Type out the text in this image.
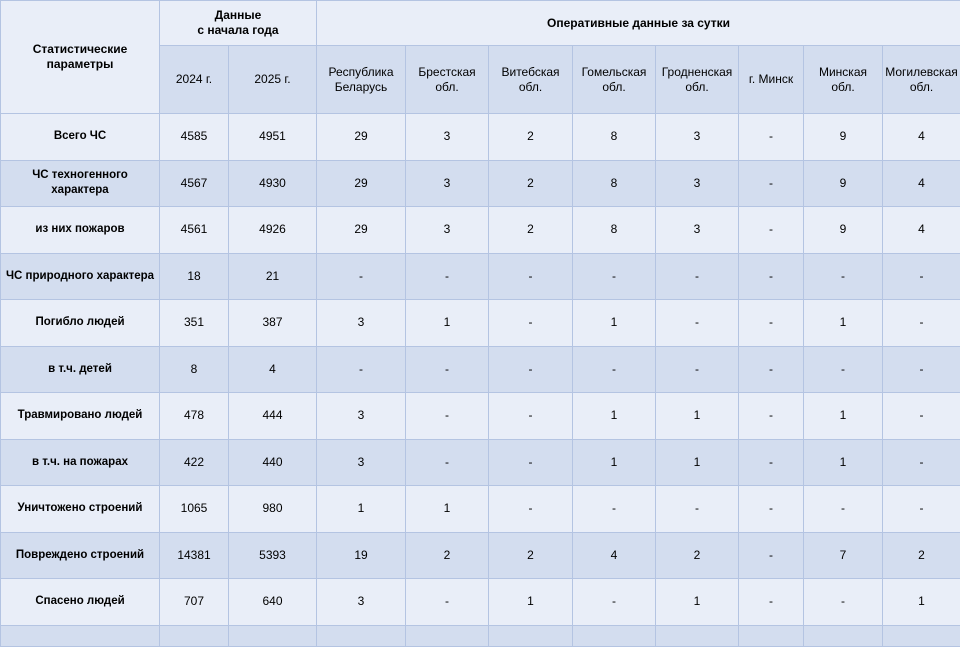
Статистические параметры	Данные
с начала года		Оперативные данные за сутки							
	2024 г.	2025 г.	Республика Беларусь	Брестская обл.	Витебская обл.	Гомельская обл.	Гродненская обл.	г. Минск	Минская обл.	Могилевская обл.
Всего ЧС	4585	4951	29	3	2	8	3	-	9	4
ЧС техногенного характера	4567	4930	29	3	2	8	3	-	9	4
из них пожаров	4561	4926	29	3	2	8	3	-	9	4
ЧС природного характера	18	21	-	-	-	-	-	-	-	-
Погибло людей	351	387	3	1	-	1	-	-	1	-
в т.ч. детей	8	4	-	-	-	-	-	-	-	-
Травмировано людей	478	444	3	-	-	1	1	-	1	-
в т.ч. на пожарах	422	440	3	-	-	1	1	-	1	-
Уничтожено строений	1065	980	1	1	-	-	-	-	-	-
Повреждено строений	14381	5393	19	2	2	4	2	-	7	2
Спасено людей	707	640	3	-	1	-	1	-	-	1
